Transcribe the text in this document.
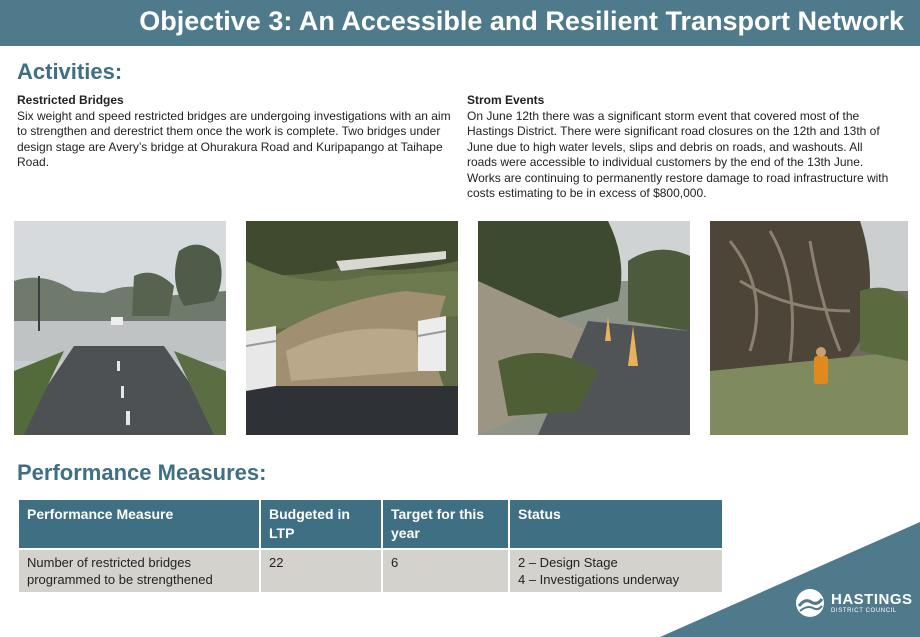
Objective 3: An Accessible and Resilient Transport Network
Activities:
Restricted Bridges
Six weight and speed restricted bridges are undergoing investigations with an aim to strengthen and derestrict them once the work is complete. Two bridges under design stage are Avery’s bridge at Ohurakura Road and Kuripapango at Taihape Road.
Strom Events
On June 12th there was a significant storm event that covered most of the Hastings District. There were significant road closures on the 12th and 13th of June due to high water levels, slips and debris on roads, and washouts. All roads were accessible to individual customers by the end of the 13th June. Works are continuing to permanently restore damage to road infrastructure with costs estimating to be in excess of $800,000.
Performance Measures:
Performance Measure	Budgeted in LTP	Target for this year	Status
Number of restricted bridges programmed to be strengthened	22	6	2 – Design Stage
4 – Investigations underway
HASTINGS
DISTRICT COUNCIL
